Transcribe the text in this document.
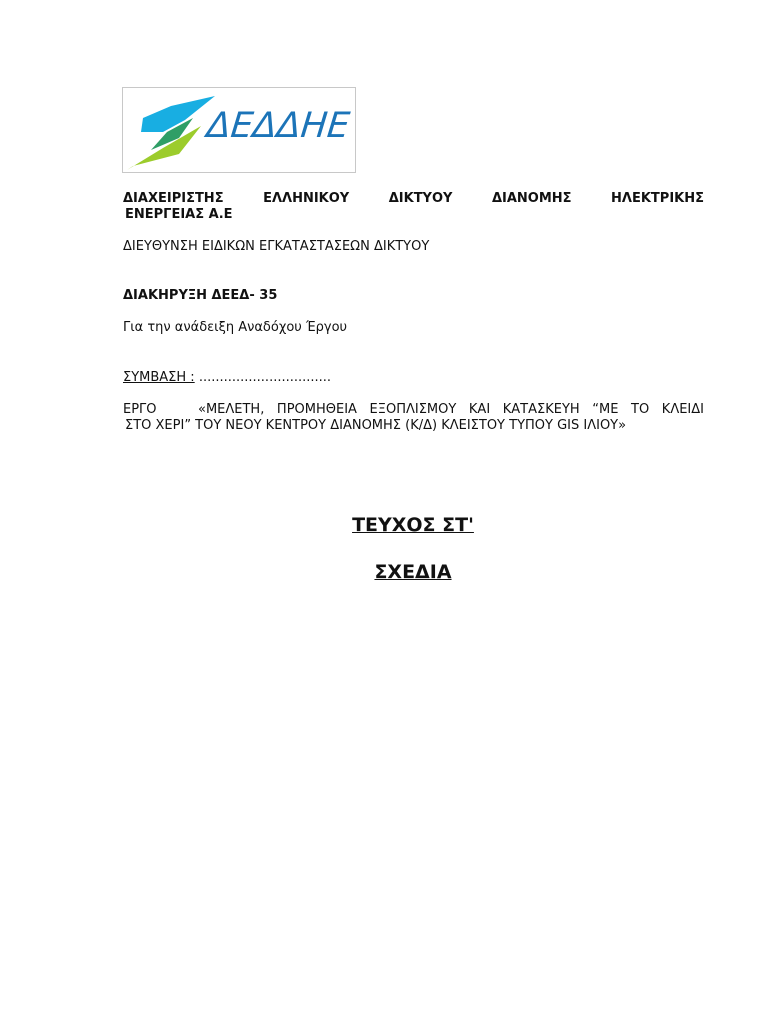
ΔΕΔΔΗΕ
ΔΙΑΧΕΙΡΙΣΤΗΣ	ΕΛΛΗΝΙΚΟΥ	ΔΙΚΤΥΟΥ	ΔΙΑΝΟΜΗΣ	ΗΛΕΚΤΡΙΚΗΣ
ΕΝΕΡΓΕΙΑΣ Α.Ε
ΔΙΕΥΘΥΝΣΗ ΕΙΔΙΚΩΝ ΕΓΚΑΤΑΣΤΑΣΕΩΝ ΔΙΚΤΥΟΥ
ΔΙΑΚΗΡΥΞΗ ΔΕΕΔ- 35
Για την ανάδειξη Αναδόχου Έργου
ΣΥΜΒΑΣΗ : ................................
ΕΡΓΟ	«ΜΕΛΕΤΗ, ΠΡΟΜΗΘΕΙΑ ΕΞΟΠΛΙΣΜΟΥ ΚΑΙ ΚΑΤΑΣΚΕΥΗ “ΜΕ ΤΟ ΚΛΕΙΔΙ
ΣΤΟ ΧΕΡΙ” ΤΟΥ ΝΕΟΥ ΚΕΝΤΡΟΥ ΔΙΑΝΟΜΗΣ (Κ/Δ) ΚΛΕΙΣΤΟΥ ΤΥΠΟΥ GIS ΙΛΙΟΥ»
ΤΕΥΧΟΣ ΣΤ'
ΣΧΕΔΙΑ
